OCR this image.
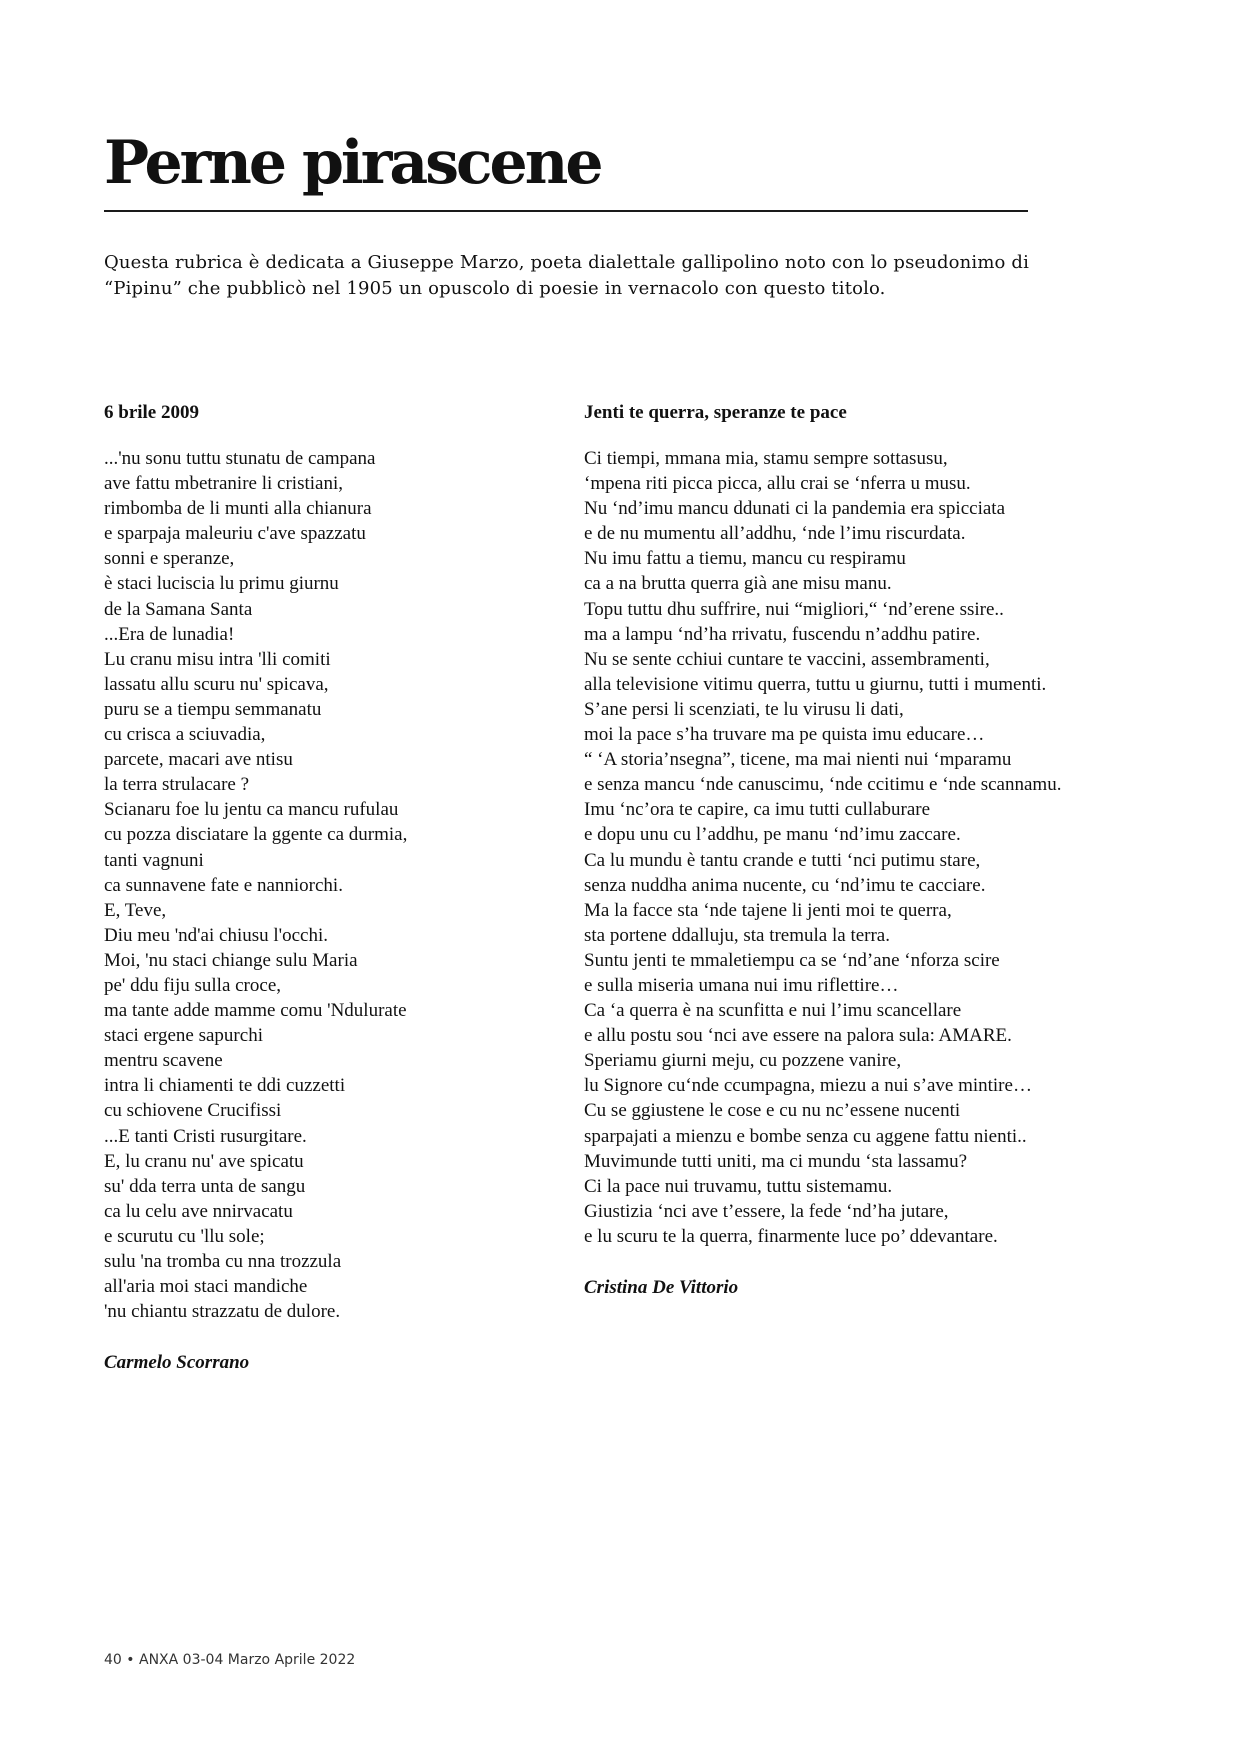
Perne pirascene

Questa rubrica è dedicata a Giuseppe Marzo, poeta dialettale gallipolino noto con lo pseudonimo di “Pipinu” che pubblicò nel 1905 un opuscolo di poesie in vernacolo con questo titolo.

6 brile 2009
...'nu sonu tuttu stunatu de campana
ave fattu mbetranire li cristiani,
rimbomba de li munti alla chianura
e sparpaja maleuriu c'ave spazzatu
sonni e speranze,
è staci luciscia lu primu giurnu
de la Samana Santa
...Era de lunadia!
Lu cranu misu intra 'lli comiti
lassatu allu scuru nu' spicava,
puru se a tiempu semmanatu
cu crisca a sciuvadia,
parcete, macari ave ntisu
la terra strulacare ?
Scianaru foe lu jentu ca mancu rufulau
cu pozza disciatare la ggente ca durmia,
tanti vagnuni
ca sunnavene fate e nanniorchi.
E, Teve,
Diu meu 'nd'ai chiusu l'occhi.
Moi, 'nu staci chiange sulu Maria
pe' ddu fiju sulla croce,
ma tante adde mamme comu 'Ndulurate
staci ergene sapurchi
mentru scavene
intra li chiamenti te ddi cuzzetti
cu schiovene Crucifissi
...E tanti Cristi rusurgitare.
E, lu cranu nu' ave spicatu
su' dda terra unta de sangu
ca lu celu ave nnirvacatu
e scurutu cu 'llu sole;
sulu 'na tromba cu nna trozzula
all'aria moi staci mandiche
'nu chiantu strazzatu de dulore.

Carmelo Scorrano

Jenti te querra, speranze te pace
Ci tiempi, mmana mia, stamu sempre sottasusu,
‘mpena riti picca picca, allu crai se ‘nferra u musu.
Nu ‘nd’imu mancu ddunati ci la pandemia era spicciata
e de nu mumentu all’addhu, ‘nde l’imu riscurdata.
Nu imu fattu a tiemu, mancu cu respiramu
ca a na brutta querra già ane misu manu.
Topu tuttu dhu suffrire, nui “migliori,“ ‘nd’erene ssire..
ma a lampu ‘nd’ha rrivatu, fuscendu n’addhu patire.
Nu se sente cchiui cuntare te vaccini, assembramenti,
alla televisione vitimu querra, tuttu u giurnu, tutti i mumenti.
S’ane persi li scenziati, te lu virusu li dati,
moi la pace s’ha truvare ma pe quista imu educare…
“ ‘A storia’nsegna”, ticene, ma mai nienti nui ‘mparamu
e senza mancu ‘nde canuscimu, ‘nde ccitimu e ‘nde scannamu.
Imu ‘nc’ora te capire, ca imu tutti cullaburare
e dopu unu cu l’addhu, pe manu ‘nd’imu zaccare.
Ca lu mundu è tantu crande e tutti ‘nci putimu stare,
senza nuddha anima nucente, cu ‘nd’imu te cacciare.
Ma la facce sta ‘nde tajene li jenti moi te querra,
sta portene ddalluju, sta tremula la terra.
Suntu jenti te mmaletiempu ca se ‘nd’ane ‘nforza scire
e sulla miseria umana nui imu riflettire…
Ca ‘a querra è na scunfitta e nui l’imu scancellare
e allu postu sou ‘nci ave essere na palora sula: AMARE.
Speriamu giurni meju, cu pozzene vanire,
lu Signore cu‘nde ccumpagna, miezu a nui s’ave mintire…
Cu se ggiustene le cose e cu nu nc’essene nucenti
sparpajati a mienzu e bombe senza cu aggene fattu nienti..
Muvimunde tutti uniti, ma ci mundu ‘sta lassamu?
Ci la pace nui truvamu, tuttu sistemamu.
Giustizia ‘nci ave t’essere, la fede ‘nd’ha jutare,
e lu scuru te la querra, finarmente luce po’ ddevantare.

Cristina De Vittorio

40 • ANXA 03-04 Marzo Aprile 2022
